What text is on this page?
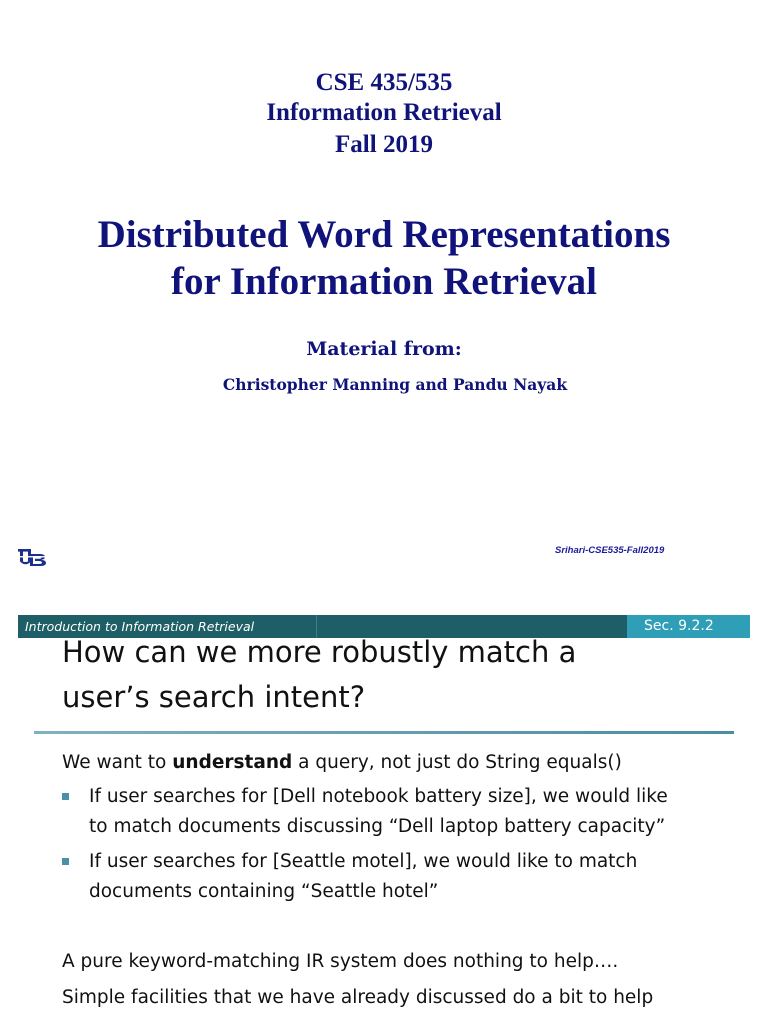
CSE 435/535
Information Retrieval
Fall 2019
Distributed Word Representations
for Information Retrieval
Material from:
Christopher Manning and Pandu Nayak
Srihari-CSE535-Fall2019
Introduction to Information Retrieval	Sec. 9.2.2
How can we more robustly match a
user’s search intent?
We want to understand a query, not just do String equals()
If user searches for [Dell notebook battery size], we would like
to match documents discussing “Dell laptop battery capacity”
If user searches for [Seattle motel], we would like to match
documents containing “Seattle hotel”
A pure keyword-matching IR system does nothing to help….
Simple facilities that we have already discussed do a bit to help
